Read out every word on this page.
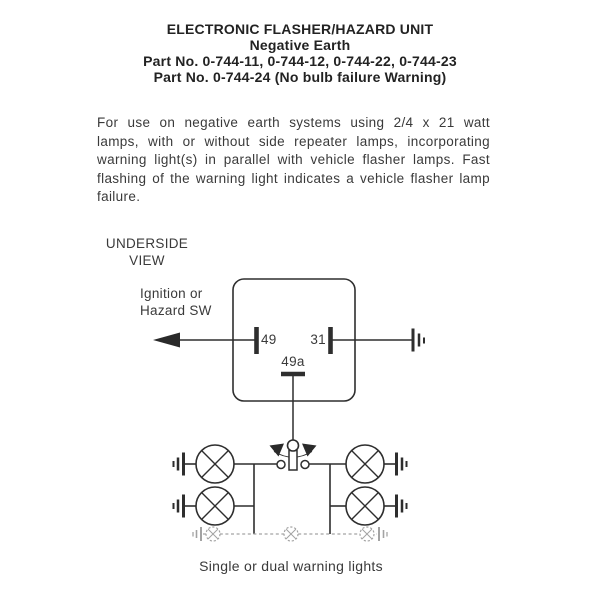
ELECTRONIC FLASHER/HAZARD UNIT
Negative Earth
Part No. 0-744-11, 0-744-12, 0-744-22, 0-744-23
Part No. 0-744-24 (No bulb failure Warning)
For use on negative earth systems using 2/4 x 21 watt lamps, with or without side repeater lamps, incorporating warning light(s) in parallel with vehicle flasher lamps. Fast flashing of the warning light indicates a vehicle flasher lamp failure.
UNDERSIDE
VIEW
Ignition or
Hazard SW
49	31
49a
Single or dual warning lights
